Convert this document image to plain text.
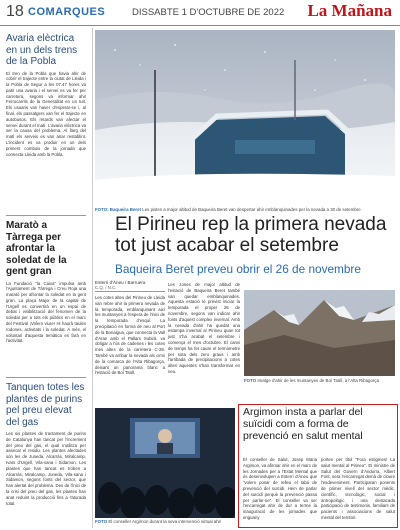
18 COMARQUES	DISSABTE 1 D'OCTUBRE DE 2022 La Mañana
Avaria elèctrica en un dels trens de la Pobla

El tren de la Pobla que havia ahir de cobrir el trajecte entre la ciutat de Lleida i la Pobla de Segur a les 07.47 hores va patir una avaria i el servei es va fer per carretera, segons va informar ahir Ferrocarrils de la Generalitat en un tuit. Els usuaris van haver d'esperar-se i, al final, els passatgers van fer el trajecte en autobusos. Els retards van afectar el servei durant el matí. L'avaria elèctrica va ser la causa del problema. Al llarg del matí els serveis es van anar restablint. L'incident es va produir en un dels primers combois de la jornada que connecta Lleida amb la Pobla.

Maratò a Tàrrega per afrontar la soledat de la gent gran

La Fundació "la Caixa" impulsa amb l'Ajuntament de Tàrrega i Creu Roja una maratò per afrontar la soledat en la gent gran. La plaça Major de la capital de l'Urgell es convertirà en un espai de debat i visibilització del fenomen de la soledat per a tots els públics en el marc del Festival ¡Volem viure! Hi haurà taules rodones, activitats i la soledat. A més, el voluntari d'aquesta temàtica es farà en l'activitat.

Tanquen totes les plantes de purins pel preu elevat del gas

Les sis plantes de tractament de purins de Catalunya han tancat per l'increment del preu del gas, el qual s'utilitza per assecar el residu. Les plantes afectades són les de Juneda, Alcarràs, Miralcamp, Ivars d'Urgell, Vila-sana i Sidamon. Les plantes que han tancat es troben a Alcarràs, Miralcamp, Juneda, Vila-sana i Sidamon, segons fonts del sector, que han alertat del problema. Des de l'inici de la crisi del preu del gas, les plantes han anat reduint la producció fins a l'aturada total.

FOTO: Baqueira Beret Les pistes a major altitud de Baqueira Beret van despertar ahir emblanquinades per la nevada a 30 de setembre
El Pirineu rep la primera nevada tot just acabar el setembre
Baqueira Beret preveu obrir el 26 de novembre
Esterri d'Àneu / Barruera
C.Q. / N.C.

Les cotes altes del Pirineu de Lleida van rebre ahir la primera nevada de la temporada, emblanquinant així les muntanyes a l'espera de l'inici de la temporada d'esquí. La precipitació en forma de neu al Port de la Bonaigua, que connecta la Vall d'Aran amb el Pallars Sobirà, va obligar a l'ús de cadenes i les cotes més altes de la carretera C-28. També va arribar la nevada als cims de la comarca de l'Alta Ribagorça, deixant un panorama blanc a l'estació de Boí Taüll.

Les zones de major altitud de l'estació de Baqueira Beret també van quedar emblanquinades. Aquesta estació té previst iniciar la temporada el proper 26 de novembre, segons van indicar ahir fonts d'aquest complex invernal. Amb la nevada d'ahir ha quedat una estampa invernal al Pirineu quan tot just s'ha acabat el setembre i comença el mes d'octubre. El canvi de temps ha fet caure el termòmetre per sota dels zero graus i amb l'arribada de precipitacions a cotes altes aquestes s'han transformat en neu.

FOTO Imatge d'ahir de les muntanyes de Boí Taüll, a l'Alta Ribagorça
FOTO El conseller Argimon durant la seva intervenció virtual ahir
Argimon insta a parlar del suïcidi com a forma de prevenció en salut mental

El conseller de Salut, Josep Maria Argimon, va afirmar ahir en el marc de les Jornades per a l'Estat Mental que és desenvolupen a Esterri d'Àneu que "volem posar de relleu el tabú de prevenció del suïcidi. Hem de parlar del suïcidi perquè la prevenció passa per parlar-ne". El conseller va ser l'encarregat ahir de dur a terme la inauguració de les jornades que enguany

porten per títol "Fora estigmes! La salut mental al Pirineu". El ministre de Salut del Govern d'Andorra, Albert Font, sera l'encarregat demà de cloure l'esdeveniment. Participaran ponents de primer nivell del sector mèdic, científic, tecnològic, social i antropològic i una destacada participació de testimonis, familiars de pacients i associacions de salut mental del territori.
